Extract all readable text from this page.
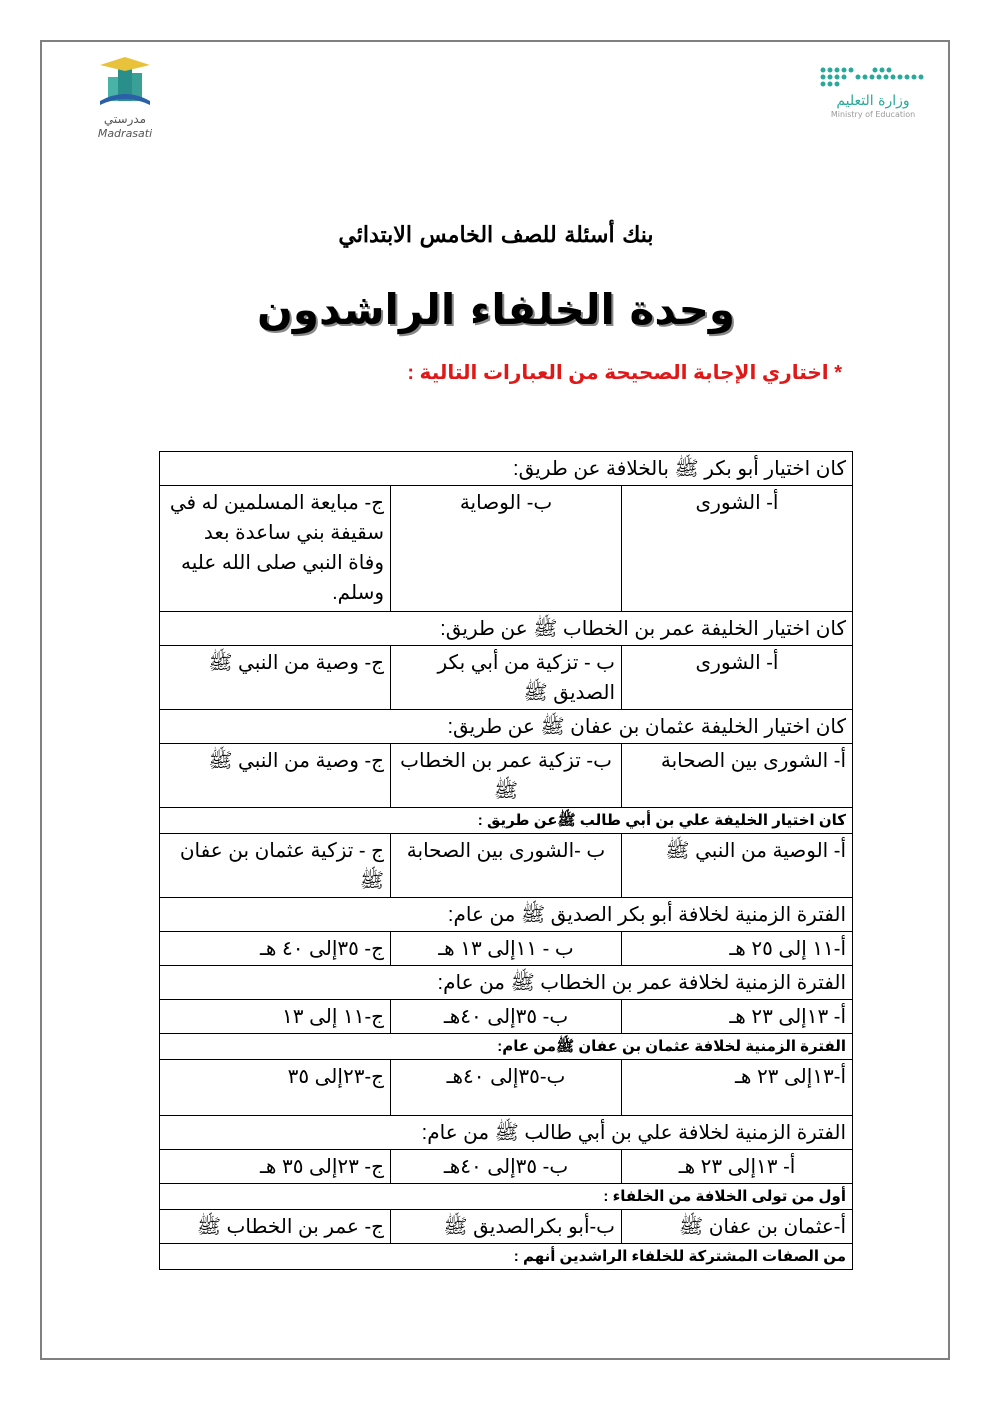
مدرستي
Madrasati
وزارة التعليم
Ministry of Education
بنك أسئلة للصف الخامس الابتدائي
وحدة الخلفاء الراشدون
* اختاري الإجابة الصحيحة من العبارات التالية :
كان اختيار أبو بكر ﷺ بالخلافة عن طريق:		
أ- الشورى	ب- الوصاية	ج- مبايعة المسلمين له في سقيفة بني ساعدة بعد وفاة النبي صلى الله عليه وسلم.
كان اختيار الخليفة عمر بن الخطاب ﷺ عن طريق:		
أ- الشورى	ب - تزكية من أبي بكر الصديق ﷺ	ج- وصية من النبي ﷺ
كان اختيار الخليفة عثمان بن عفان ﷺ عن طريق:		
أ- الشورى بين الصحابة	ب- تزكية عمر بن الخطاب ﷺ	ج- وصية من النبي ﷺ
كان اختيار الخليفة علي بن أبي طالب ﷺعن طريق :		
أ- الوصية من النبي ﷺ	ب -الشورى بين الصحابة	ج - تزكية عثمان بن عفان ﷺ
الفترة الزمنية لخلافة أبو بكر الصديق ﷺ من عام:		
أ-١١ إلى ٢٥ هـ	ب - ١١إلى ١٣ هـ	ج- ٣٥إلى ٤٠ هـ
الفترة الزمنية لخلافة عمر بن الخطاب ﷺ من عام:		
أ- ١٣إلى ٢٣ هـ	ب- ٣٥إلى ٤٠هـ	ج-١١ إلى ١٣
الفترة الزمنية لخلافة عثمان بن عفان ﷺمن عام:		
أ-١٣إلى ٢٣ هـ	ب-٣٥إلى ٤٠هـ	ج-٢٣إلى ٣٥
الفترة الزمنية لخلافة علي بن أبي طالب ﷺ من عام:		
أ- ١٣إلى ٢٣ هـ	ب- ٣٥إلى ٤٠هـ	ج- ٢٣إلى ٣٥ هـ
أول من تولى الخلافة من الخلفاء :		
أ-عثمان بن عفان ﷺ	ب-أبو بكرالصديق ﷺ	ج- عمر بن الخطاب ﷺ
من الصفات المشتركة للخلفاء الراشدين أنهم :		
